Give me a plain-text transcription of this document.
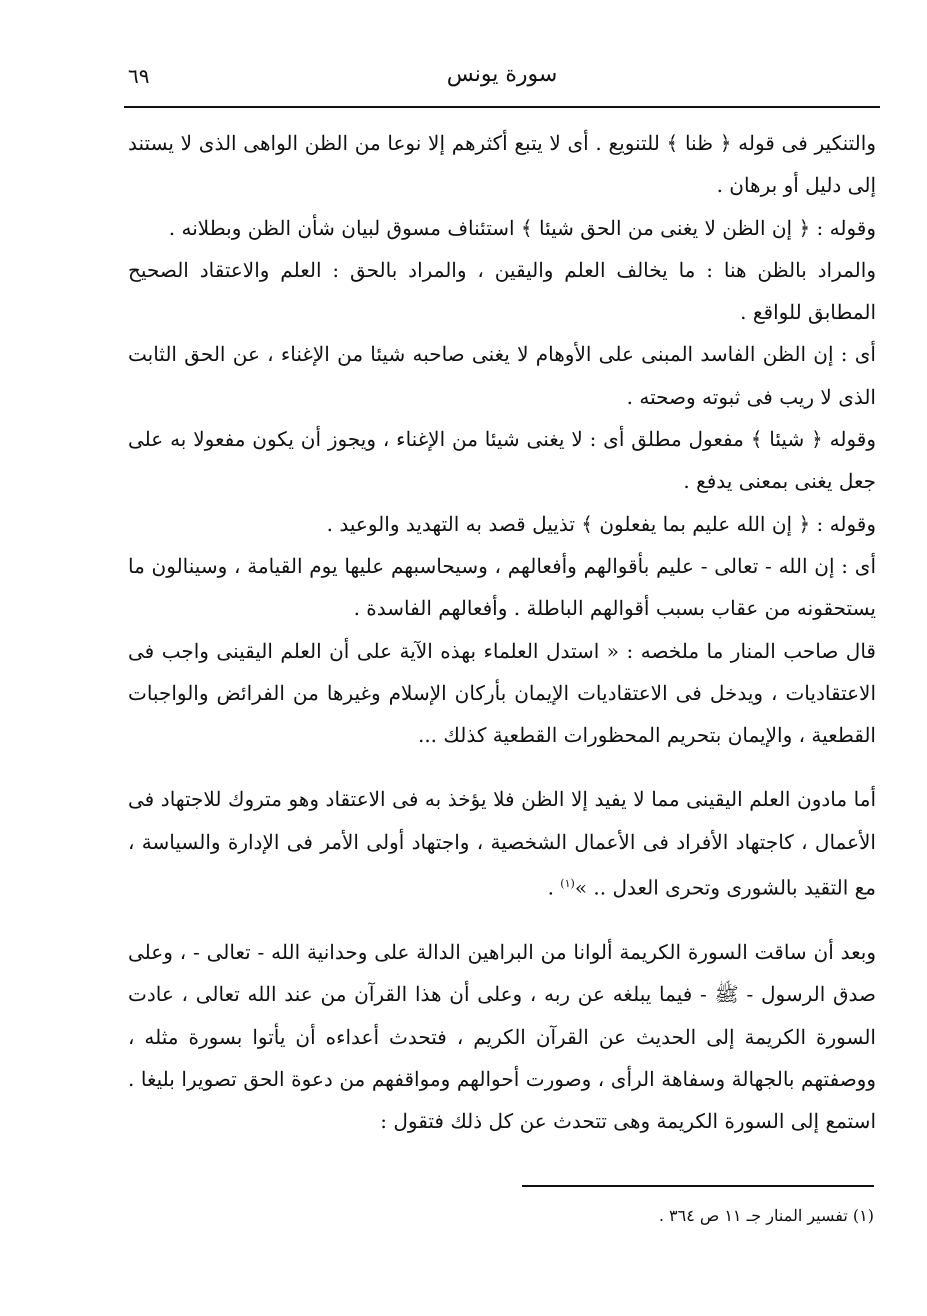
سورة يونس
٦٩

والتنكير فى قوله ﴿ ظنا ﴾ للتنويع . أى لا يتبع أكثرهم إلا نوعا من الظن الواهى الذى لا يستند إلى دليل أو برهان .

وقوله : ﴿ إن الظن لا يغنى من الحق شيئا ﴾ استئناف مسوق لبيان شأن الظن وبطلانه .

والمراد بالظن هنا : ما يخالف العلم واليقين ، والمراد بالحق : العلم والاعتقاد الصحيح المطابق للواقع .

أى : إن الظن الفاسد المبنى على الأوهام لا يغنى صاحبه شيئا من الإغناء ، عن الحق الثابت الذى لا ريب فى ثبوته وصحته .

وقوله ﴿ شيئا ﴾ مفعول مطلق أى : لا يغنى شيئا من الإغناء ، ويجوز أن يكون مفعولا به على جعل يغنى بمعنى يدفع .

وقوله : ﴿ إن الله عليم بما يفعلون ﴾ تذييل قصد به التهديد والوعيد .

أى : إن الله - تعالى - عليم بأقوالهم وأفعالهم ، وسيحاسبهم عليها يوم القيامة ، وسينالون ما يستحقونه من عقاب بسبب أقوالهم الباطلة . وأفعالهم الفاسدة .

قال صاحب المنار ما ملخصه : « استدل العلماء بهذه الآية على أن العلم اليقينى واجب فى الاعتقاديات ، ويدخل فى الاعتقاديات الإيمان بأركان الإسلام وغيرها من الفرائض والواجبات القطعية ، والإيمان بتحريم المحظورات القطعية كذلك ...

أما مادون العلم اليقينى مما لا يفيد إلا الظن فلا يؤخذ به فى الاعتقاد وهو متروك للاجتهاد فى الأعمال ، كاجتهاد الأفراد فى الأعمال الشخصية ، واجتهاد أولى الأمر فى الإدارة والسياسة ، مع التقيد بالشورى وتحرى العدل .. »$^{(١)}$ .

وبعد أن ساقت السورة الكريمة ألوانا من البراهين الدالة على وحدانية الله - تعالى - ، وعلى صدق الرسول - ﷺ - فيما يبلغه عن ربه ، وعلى أن هذا القرآن من عند الله تعالى ، عادت السورة الكريمة إلى الحديث عن القرآن الكريم ، فتحدث أعداءه أن يأتوا بسورة مثله ، ووصفتهم بالجهالة وسفاهة الرأى ، وصورت أحوالهم ومواقفهم من دعوة الحق تصويرا بليغا . استمع إلى السورة الكريمة وهى تتحدث عن كل ذلك فتقول :

(١) تفسير المنار جـ ١١ ص ٣٦٤ .
